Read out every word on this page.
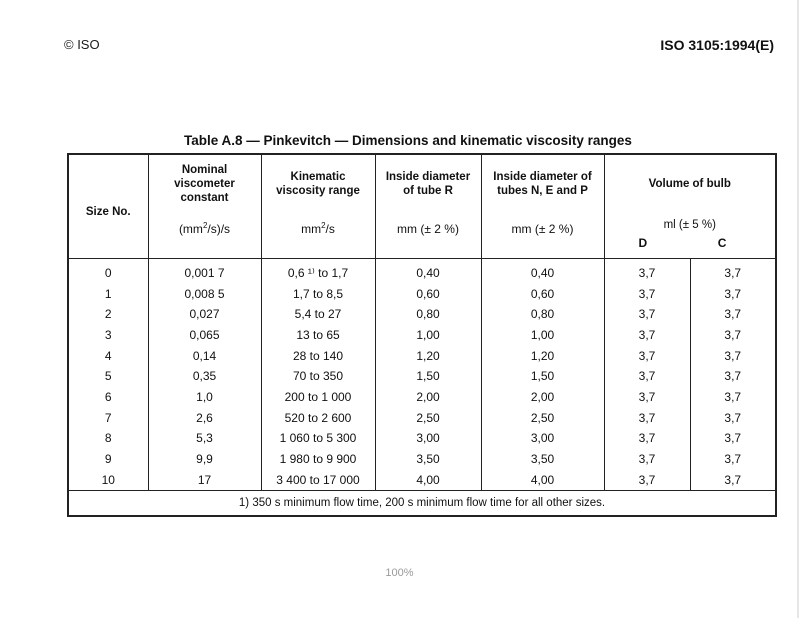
© ISO	ISO 3105:1994(E)
Table A.8 — Pinkevitch — Dimensions and kinematic viscosity ranges
Size No.	Nominal viscometer constant	Kinematic viscosity range	Inside diameter of tube R	Inside diameter of tubes N, E and P	Volume of bulb	
	$(mm^2/s)/s$	$mm^2/s$	mm (± 2 %)	mm (± 2 %)	ml (± 5 %)
D C	

0	0,001 7	0,6 ¹⁾ to 1,7	0,40	0,40	3,7	3,7
1	0,008 5	1,7 to 8,5	0,60	0,60	3,7	3,7
2	0,027	5,4 to 27	0,80	0,80	3,7	3,7
3	0,065	13 to 65	1,00	1,00	3,7	3,7
4	0,14	28 to 140	1,20	1,20	3,7	3,7
5	0,35	70 to 350	1,50	1,50	3,7	3,7
6	1,0	200 to 1 000	2,00	2,00	3,7	3,7
7	2,6	520 to 2 600	2,50	2,50	3,7	3,7
8	5,3	1 060 to 5 300	3,00	3,00	3,7	3,7
9	9,9	1 980 to 9 900	3,50	3,50	3,7	3,7
10	17	3 400 to 17 000	4,00	4,00	3,7	3,7
1) 350 s minimum flow time, 200 s minimum flow time for all other sizes.						
100%
